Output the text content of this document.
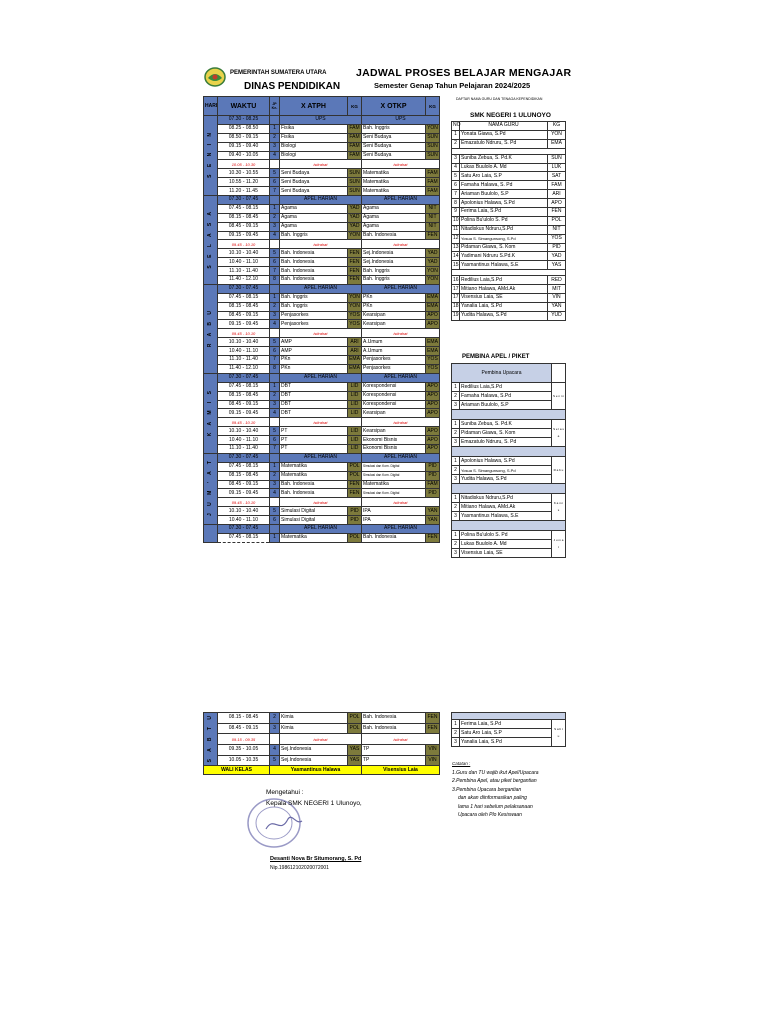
PEMERINTAH SUMATERA UTARA
DINAS PENDIDIKAN
JADWAL PROSES BELAJAR MENGAJAR
Semester Genap Tahun Pelajaran 2024/2025
HARI	WAKTU	JP Ke-	X ATPH	KG	X OTKP	KG
S E N I N	07.30 - 08.25		UPS		UPS	
	08.25 - 08.50	1	Fisika	FAM	Bah. Inggris	YON
	08.50 - 09.15	2	Fisika	FAM	Seni Budaya	SUN
	09.15 - 09.40	3	Biologi	FAM	Seni Budaya	SUN
	09.40 - 10.05	4	Biologi	FAM	Seni Budaya	SUN
	10.05 - 10.30		istirahat		istirahat	
	10.30 - 10.55	5	Seni Budaya	SUN	Matematika	FAM
	10.55 - 11.20	6	Seni Budaya	SUN	Matematika	FAM
	11.20 - 11.45	7	Seni Budaya	SUN	Matematika	FAM
S E L A S A	07.30 - 07.45		APEL HARIAN		APEL HARIAN	
	07.45 - 08.15	1	Agama	YAD	Agama	NIT
	08.15 - 08.45	2	Agama	YAD	Agama	NIT
	08.45 - 09.15	3	Agama	YAD	Agama	NIT
	09.15 - 09.45	4	Bah. Inggris	YON	Bah. Indonesia	FEN
	09.45 - 10.10		istirahat		istirahat	
	10.10 - 10.40	5	Bah. Indonesia	FEN	Sej.Indonesia	YAD
	10.40 - 11.10	6	Bah. Indonesia	FEN	Sej.Indonesia	YAD
	11.10 - 11.40	7	Bah. Indonesia	FEN	Bah. Inggris	YON
	11.40 - 12.10	8	Bah. Indonesia	FEN	Bah. Inggris	YON
R A B U	07.30 - 07.45		APEL HARIAN		APEL HARIAN	
	07.45 - 08.15	1	Bah. Inggris	YON	PKn	EMA
	08.15 - 08.45	2	Bah. Inggris	YON	PKn	EMA
	08.45 - 09.15	3	Penjasorkes	YOS	Kearsipan	APO
	09.15 - 09.45	4	Penjasorkes	YOS	Kearsipan	APO
	09.45 - 10.10		istirahat		istirahat	
	10.10 - 10.40	5	AMP	ARI	A.Umum	EMA
	10.40 - 11.10	6	AMP	ARI	A.Umum	EMA
	11.10 - 11.40	7	PKn	EMA	Penjasorkes	YOS
	11.40 - 12.10	8	PKn	EMA	Penjasorkes	YOS
K A M I S	07.30 - 07.45		APEL HARIAN		APEL HARIAN	
	07.45 - 08.15	1	DBT	LID	Korespondensi	APO
	08.15 - 08.45	2	DBT	LID	Korespondensi	APO
	08.45 - 09.15	3	DBT	LID	Korespondensi	APO
	09.15 - 09.45	4	DBT	LID	Kearsipan	APO
	09.45 - 10.10		istirahat		istirahat	
	10.10 - 10.40	5	PT	LID	Kearsipan	APO
	10.40 - 11.10	6	PT	LID	Ekonomi Bisnis	APO
	11.10 - 11.40	7	PT	LID	Ekonomi Bisnis	APO
J U M ' A T	07.30 - 07.45		APEL HARIAN		APEL HARIAN	
	07.45 - 08.15	1	Matematika	POL	Simulasi dan Kom. Digital	PID
	08.15 - 08.45	2	Matematika	POL	Simulasi dan Kom. Digital	PID
	08.45 - 09.15	3	Bah. Indonesia	FEN	Matematika	FAM
	09.15 - 09.45	4	Bah. Indonesia	FEN	Simulasi dan Kom. Digital	PID
	09.45 - 10.10		istirahat		istirahat	
	10.10 - 10.40	5	Simulasi Digital	PID	IPA	YAN
	10.40 - 11.10	6	Simulasi Digital	PID	IPA	YAN
	07.30 - 07.45		APEL HARIAN		APEL HARIAN	
	07.45 - 08.15	1	Matematika	POL	Bah. Indonesia	FEN
DAFTAR NAMA GURU DAN TENAGA KEPENDIDIKAN
SMK NEGERI 1 ULUNOYO
NO	NAMA GURU	KG
1	Yonata Giawa, S.Pd	YON
2	Emazatulo Ndruru, S. Pd	EMA

3	Suniba Zebua, S. Pd.K	SUN
4	Lukas Buulolo A. Md	LUK
5	Satu Aro Laia, S.P	SAT
6	Famaha Halawa, S. Pd	FAM
7	Ariaman Buulolo, S.P	ARI
8	Apolonius Halawa, S.Pd	APO
9	Ferima Laia, S.Pd	FEN
10	Polina Bu'ulolo S. Pd	POL
11	Nitadiskus Ndruru,S.Pd	NIT
12	Yosua S. Simangunsong, S.Pd	YOS
13	Pidaman Giawa, S. Kom	PID
14	Yadimani Ndruru S.Pd.K	YAD
15	Yasmantinus Halawa, S.E	YAS

16	Redilius Laia,S.Pd	RED
17	Mitiano Halawa, AMd.Ak	MIT
17	Visensius Laia, SE	VIN
18	Yanalia Laia, S.Pd	YAN
19	Yudita Halawa, S.Pd	YUD
PEMBINA APEL / PIKET
Pembina Upacara		
1	Redilius Laia,S.Pd	S e n i n
2	Famaha Halawa, S.Pd	
3	Ariaman Buulolo, S.P	

1	Suniba Zebua, S. Pd.K	S e l a s a
2	Pidaman Giawa, S. Kom	
3	Emazatulo Ndruru, S. Pd	

1	Apolonius Halawa, S.Pd	R a b u
2	Yosua S. Simangunsong, S.Pd	
3	Yudita Halawa, S.Pd	

1	Nitadiskus Ndruru,S.Pd	K a m i s
2	Mitiano Halawa, AMd.Ak	
3	Yasmantinus Halawa, S.E	

1	Polina Bu'ulolo S. Pd	J u m a t
2	Lukas Buulolo A. Md	
3	Visensius Laia, SE	
S A B T U	08.15 - 08.45	2	Kimia	POL	Bah. Indonesia	FEN
	08.45 - 09.15	3	Kimia	POL	Bah. Indonesia	FEN
	09.15 - 09.35		istirahat		istirahat	
	09.35 - 10.05	4	Sej.Indonesia	YAS	TP	VIN
	10.05 - 10.35	5	Sej.Indonesia	YAS	TP	VIN
WALI KELAS		Yasmantinus Halawa			Visensius Laia	

1	Ferima Laia, S.Pd	S a b t u
2	Satu Aro Laia, S.P	
3	Yanalia Laia, S.Pd	
Catatan :
1.Guru dan TU wajib ikut Apel/Upacara
2.Pembina Apel, atau piket bergantian
3.Pembina Upacara bergantian
dan akan diinformasikan paling
lama 1 hari sebelum pelaksanaan
Upacara oleh Plo Kesiswaan
Mengetahui :
Kepala SMK NEGERI 1 Ulunoyo,
Desanti Nova Br Situmorang, S. Pd
Nip.198612102020072001
